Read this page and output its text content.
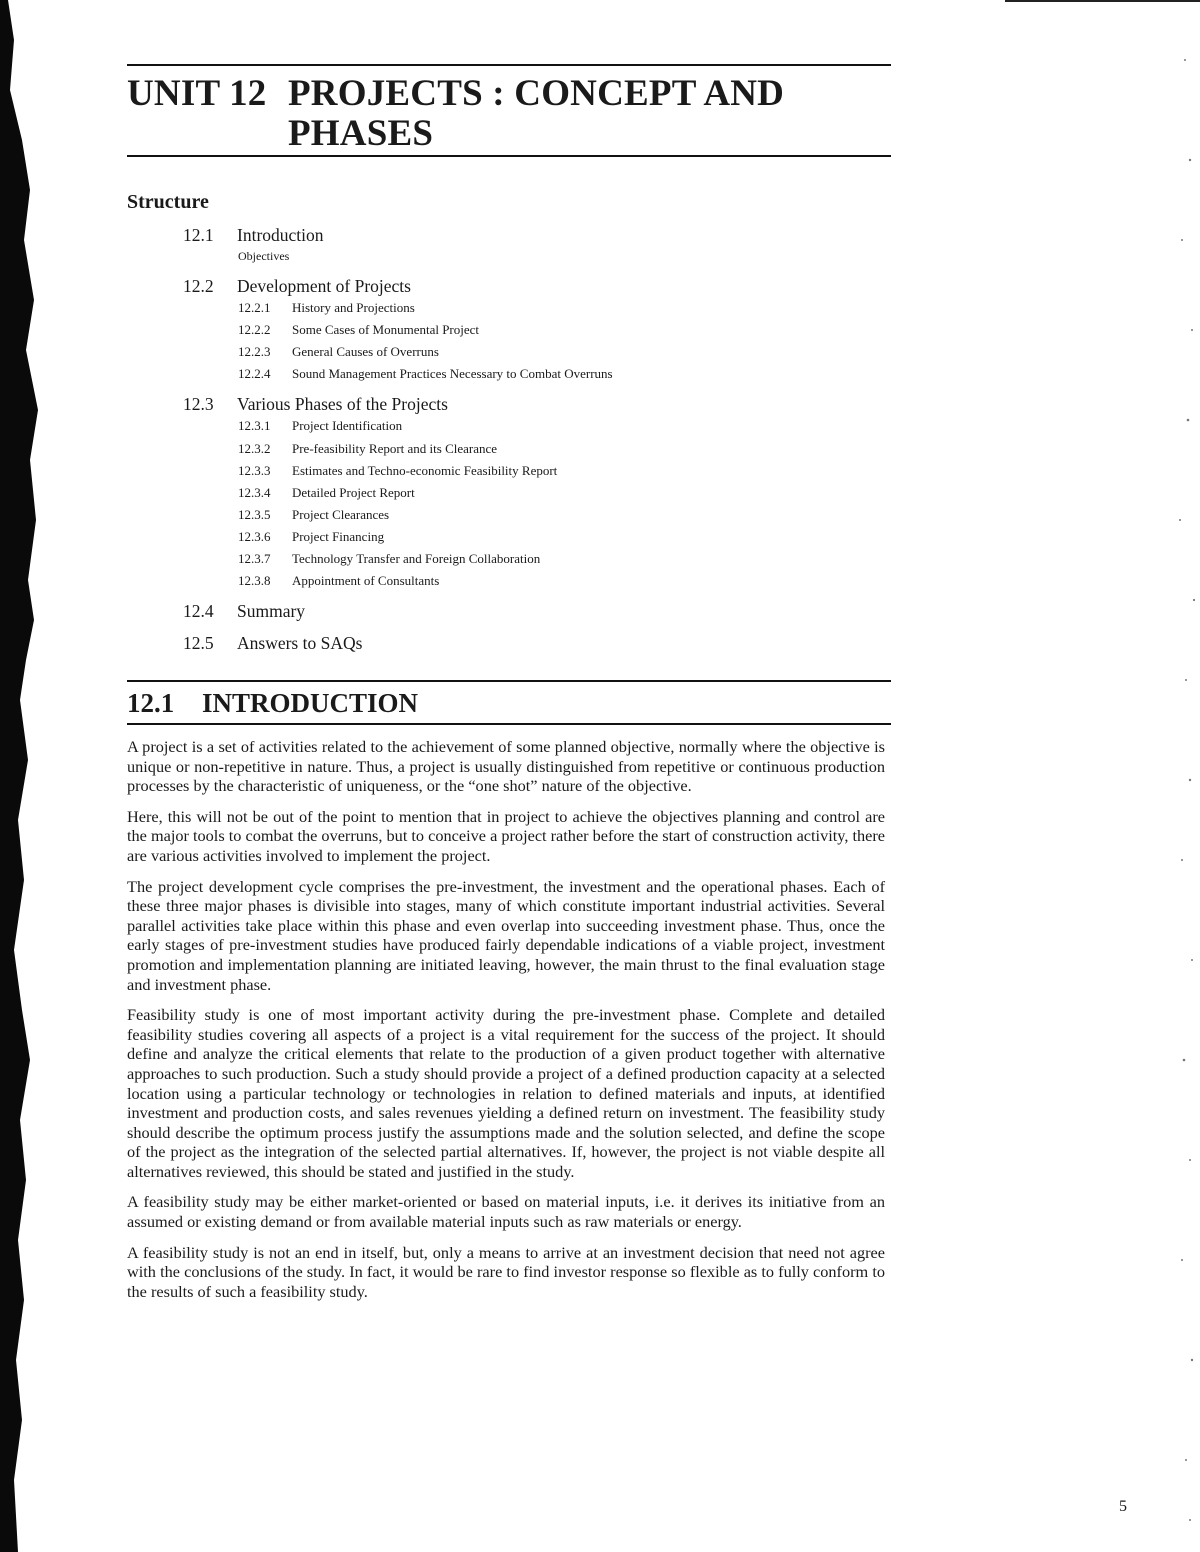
UNIT 12 PROJECTS : CONCEPT AND PHASES
Structure
12.1 Introduction
Objectives
12.2 Development of Projects
12.2.1 History and Projections
12.2.2 Some Cases of Monumental Project
12.2.3 General Causes of Overruns
12.2.4 Sound Management Practices Necessary to Combat Overruns
12.3 Various Phases of the Projects
12.3.1 Project Identification
12.3.2 Pre-feasibility Report and its Clearance
12.3.3 Estimates and Techno-economic Feasibility Report
12.3.4 Detailed Project Report
12.3.5 Project Clearances
12.3.6 Project Financing
12.3.7 Technology Transfer and Foreign Collaboration
12.3.8 Appointment of Consultants
12.4 Summary
12.5 Answers to SAQs
12.1 INTRODUCTION

A project is a set of activities related to the achievement of some planned objective, normally where the objective is unique or non-repetitive in nature. Thus, a project is usually distinguished from repetitive or continuous production processes by the characteristic of uniqueness, or the “one shot” nature of the objective.

Here, this will not be out of the point to mention that in project to achieve the objectives planning and control are the major tools to combat the overruns, but to conceive a project rather before the start of construction activity, there are various activities involved to implement the project.

The project development cycle comprises the pre-investment, the investment and the operational phases. Each of these three major phases is divisible into stages, many of which constitute important industrial activities. Several parallel activities take place within this phase and even overlap into succeeding investment phase. Thus, once the early stages of pre-investment studies have produced fairly dependable indications of a viable project, investment promotion and implementation planning are initiated leaving, however, the main thrust to the final evaluation stage and investment phase.

Feasibility study is one of most important activity during the pre-investment phase. Complete and detailed feasibility studies covering all aspects of a project is a vital requirement for the success of the project. It should define and analyze the critical elements that relate to the production of a given product together with alternative approaches to such production. Such a study should provide a project of a defined production capacity at a selected location using a particular technology or technologies in relation to defined materials and inputs, at identified investment and production costs, and sales revenues yielding a defined return on investment. The feasibility study should describe the optimum process justify the assumptions made and the solution selected, and define the scope of the project as the integration of the selected partial alternatives. If, however, the project is not viable despite all alternatives reviewed, this should be stated and justified in the study.

A feasibility study may be either market-oriented or based on material inputs, i.e. it derives its initiative from an assumed or existing demand or from available material inputs such as raw materials or energy.

A feasibility study is not an end in itself, but, only a means to arrive at an investment decision that need not agree with the conclusions of the study. In fact, it would be rare to find investor response so flexible as to fully conform to the results of such a feasibility study.

5
